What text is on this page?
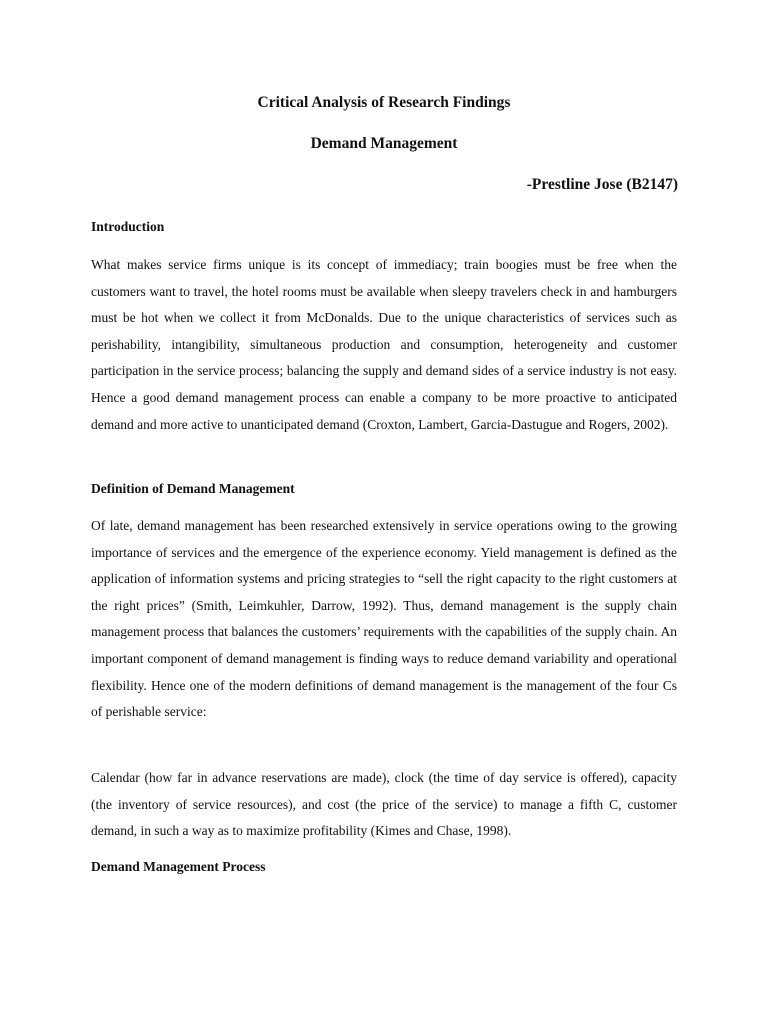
Critical Analysis of Research Findings
Demand Management

-Prestline Jose (B2147)

Introduction

What makes service firms unique is its concept of immediacy; train boogies must be free when the customers want to travel, the hotel rooms must be available when sleepy travelers check in and hamburgers must be hot when we collect it from McDonalds. Due to the unique characteristics of services such as perishability, intangibility, simultaneous production and consumption, heterogeneity and customer participation in the service process; balancing the supply and demand sides of a service industry is not easy. Hence a good demand management process can enable a company to be more proactive to anticipated demand and more active to unanticipated demand (Croxton, Lambert, Garcia-Dastugue and Rogers, 2002).

Definition of Demand Management

Of late, demand management has been researched extensively in service operations owing to the growing importance of services and the emergence of the experience economy. Yield management is defined as the application of information systems and pricing strategies to “sell the right capacity to the right customers at the right prices” (Smith, Leimkuhler, Darrow, 1992). Thus, demand management is the supply chain management process that balances the customers’ requirements with the capabilities of the supply chain. An important component of demand management is finding ways to reduce demand variability and operational flexibility. Hence one of the modern definitions of demand management is the management of the four Cs of perishable service:

Calendar (how far in advance reservations are made), clock (the time of day service is offered), capacity (the inventory of service resources), and cost (the price of the service) to manage a fifth C, customer demand, in such a way as to maximize profitability (Kimes and Chase, 1998).

Demand Management Process
